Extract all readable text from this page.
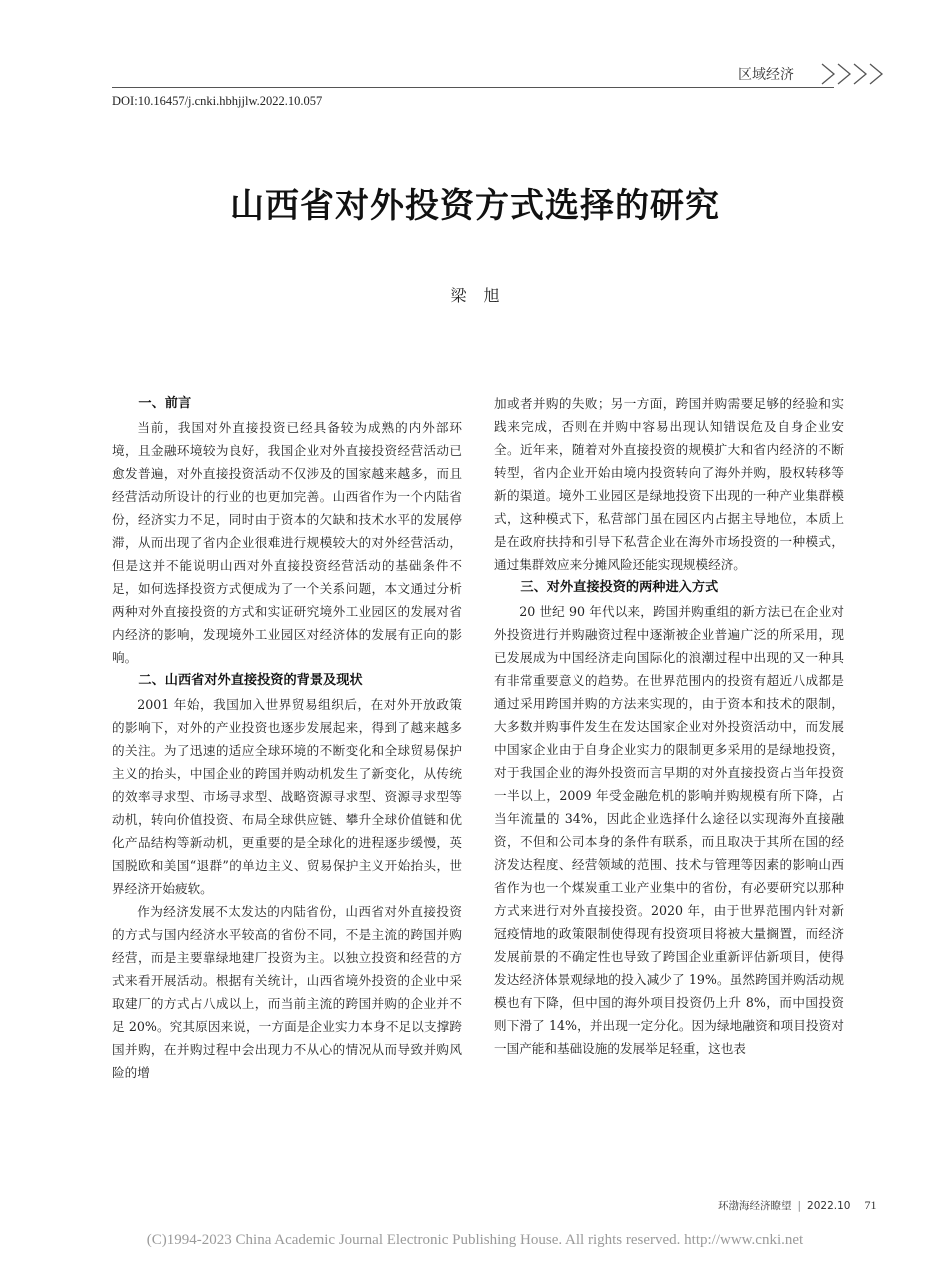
区域经济
DOI:10.16457/j.cnki.hbhjjlw.2022.10.057
山西省对外投资方式选择的研究
梁 旭
一、前言

当前，我国对外直接投资已经具备较为成熟的内外部环境，且金融环境较为良好，我国企业对外直接投资经营活动已愈发普遍，对外直接投资活动不仅涉及的国家越来越多，而且经营活动所设计的行业的也更加完善。山西省作为一个内陆省份，经济实力不足，同时由于资本的欠缺和技术水平的发展停滞，从而出现了省内企业很难进行规模较大的对外经营活动，但是这并不能说明山西对外直接投资经营活动的基础条件不足，如何选择投资方式便成为了一个关系问题，本文通过分析两种对外直接投资的方式和实证研究境外工业园区的发展对省内经济的影响，发现境外工业园区对经济体的发展有正向的影响。

二、山西省对外直接投资的背景及现状

2001 年始，我国加入世界贸易组织后，在对外开放政策的影响下，对外的产业投资也逐步发展起来，得到了越来越多的关注。为了迅速的适应全球环境的不断变化和全球贸易保护主义的抬头，中国企业的跨国并购动机发生了新变化，从传统的效率寻求型、市场寻求型、战略资源寻求型、资源寻求型等动机，转向价值投资、布局全球供应链、攀升全球价值链和优化产品结构等新动机，更重要的是全球化的进程逐步缓慢，英国脱欧和美国“退群”的单边主义、贸易保护主义开始抬头，世界经济开始疲软。

作为经济发展不太发达的内陆省份，山西省对外直接投资的方式与国内经济水平较高的省份不同，不是主流的跨国并购经营，而是主要靠绿地建厂投资为主。以独立投资和经营的方式来看开展活动。根据有关统计，山西省境外投资的企业中采取建厂的方式占八成以上，而当前主流的跨国并购的企业并不足 20%。究其原因来说，一方面是企业实力本身不足以支撑跨国并购，在并购过程中会出现力不从心的情况从而导致并购风险的增

加或者并购的失败；另一方面，跨国并购需要足够的经验和实践来完成，否则在并购中容易出现认知错误危及自身企业安全。近年来，随着对外直接投资的规模扩大和省内经济的不断转型，省内企业开始由境内投资转向了海外并购，股权转移等新的渠道。境外工业园区是绿地投资下出现的一种产业集群模式，这种模式下，私营部门虽在园区内占据主导地位，本质上是在政府扶持和引导下私营企业在海外市场投资的一种模式，通过集群效应来分摊风险还能实现规模经济。

三、对外直接投资的两种进入方式

20 世纪 90 年代以来，跨国并购重组的新方法已在企业对外投资进行并购融资过程中逐渐被企业普遍广泛的所采用，现已发展成为中国经济走向国际化的浪潮过程中出现的又一种具有非常重要意义的趋势。在世界范围内的投资有超近八成都是通过采用跨国并购的方法来实现的，由于资本和技术的限制，大多数并购事件发生在发达国家企业对外投资活动中，而发展中国家企业由于自身企业实力的限制更多采用的是绿地投资，对于我国企业的海外投资而言早期的对外直接投资占当年投资一半以上，2009 年受金融危机的影响并购规模有所下降，占当年流量的 34%，因此企业选择什么途径以实现海外直接融资，不但和公司本身的条件有联系，而且取决于其所在国的经济发达程度、经营领域的范围、技术与管理等因素的影响山西省作为也一个煤炭重工业产业集中的省份，有必要研究以那种方式来进行对外直接投资。2020 年，由于世界范围内针对新冠疫情地的政策限制使得现有投资项目将被大量搁置，而经济发展前景的不确定性也导致了跨国企业重新评估新项目，使得发达经济体景观绿地的投入减少了 19%。虽然跨国并购活动规模也有下降，但中国的海外项目投资仍上升 8%，而中国投资则下滑了 14%，并出现一定分化。因为绿地融资和项目投资对一国产能和基础设施的发展举足轻重，这也表

环渤海经济瞭望 | 2022.10 71
(C)1994-2023 China Academic Journal Electronic Publishing House. All rights reserved. http://www.cnki.net
